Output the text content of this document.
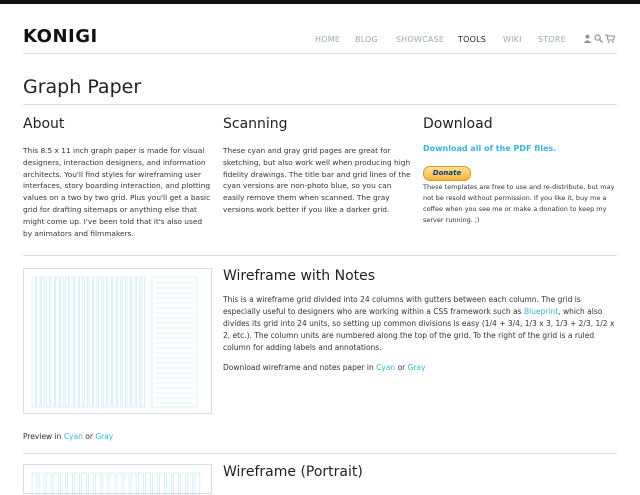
KONIGI	HOME BLOG SHOWCASE TOOLS WIKI STORE
Graph Paper
About
This 8.5 x 11 inch graph paper is made for visual designers, interaction designers, and information architects. You'll find styles for wireframing user interfaces, story boarding interaction, and plotting values on a two by two grid. Plus you'll get a basic grid for drafting sitemaps or anything else that might come up. I've been told that it's also used by animators and filmmakers.
Scanning
These cyan and gray grid pages are great for sketching, but also work well when producing high fidelity drawings. The title bar and grid lines of the cyan versions are non-photo blue, so you can easily remove them when scanned. The gray versions work better if you like a darker grid.
Download
Download all of the PDF files.
Donate
These templates are free to use and re-distribute, but may not be resold without permission. If you like it, buy me a coffee when you see me or make a donation to keep my server running. ;)
Wireframe with Notes
This is a wireframe grid divided into 24 columns with gutters between each column. The grid is especially useful to designers who are working within a CSS framework such as Blueprint, which also divides its grid into 24 units, so setting up common divisions is easy (1/4 + 3/4, 1/3 x 3, 1/3 + 2/3, 1/2 x 2, etc.). The column units are numbered along the top of the grid. To the right of the grid is a ruled column for adding labels and annotations.
Download wireframe and notes paper in Cyan or Gray
Preview in Cyan or Gray
Wireframe (Portrait)
